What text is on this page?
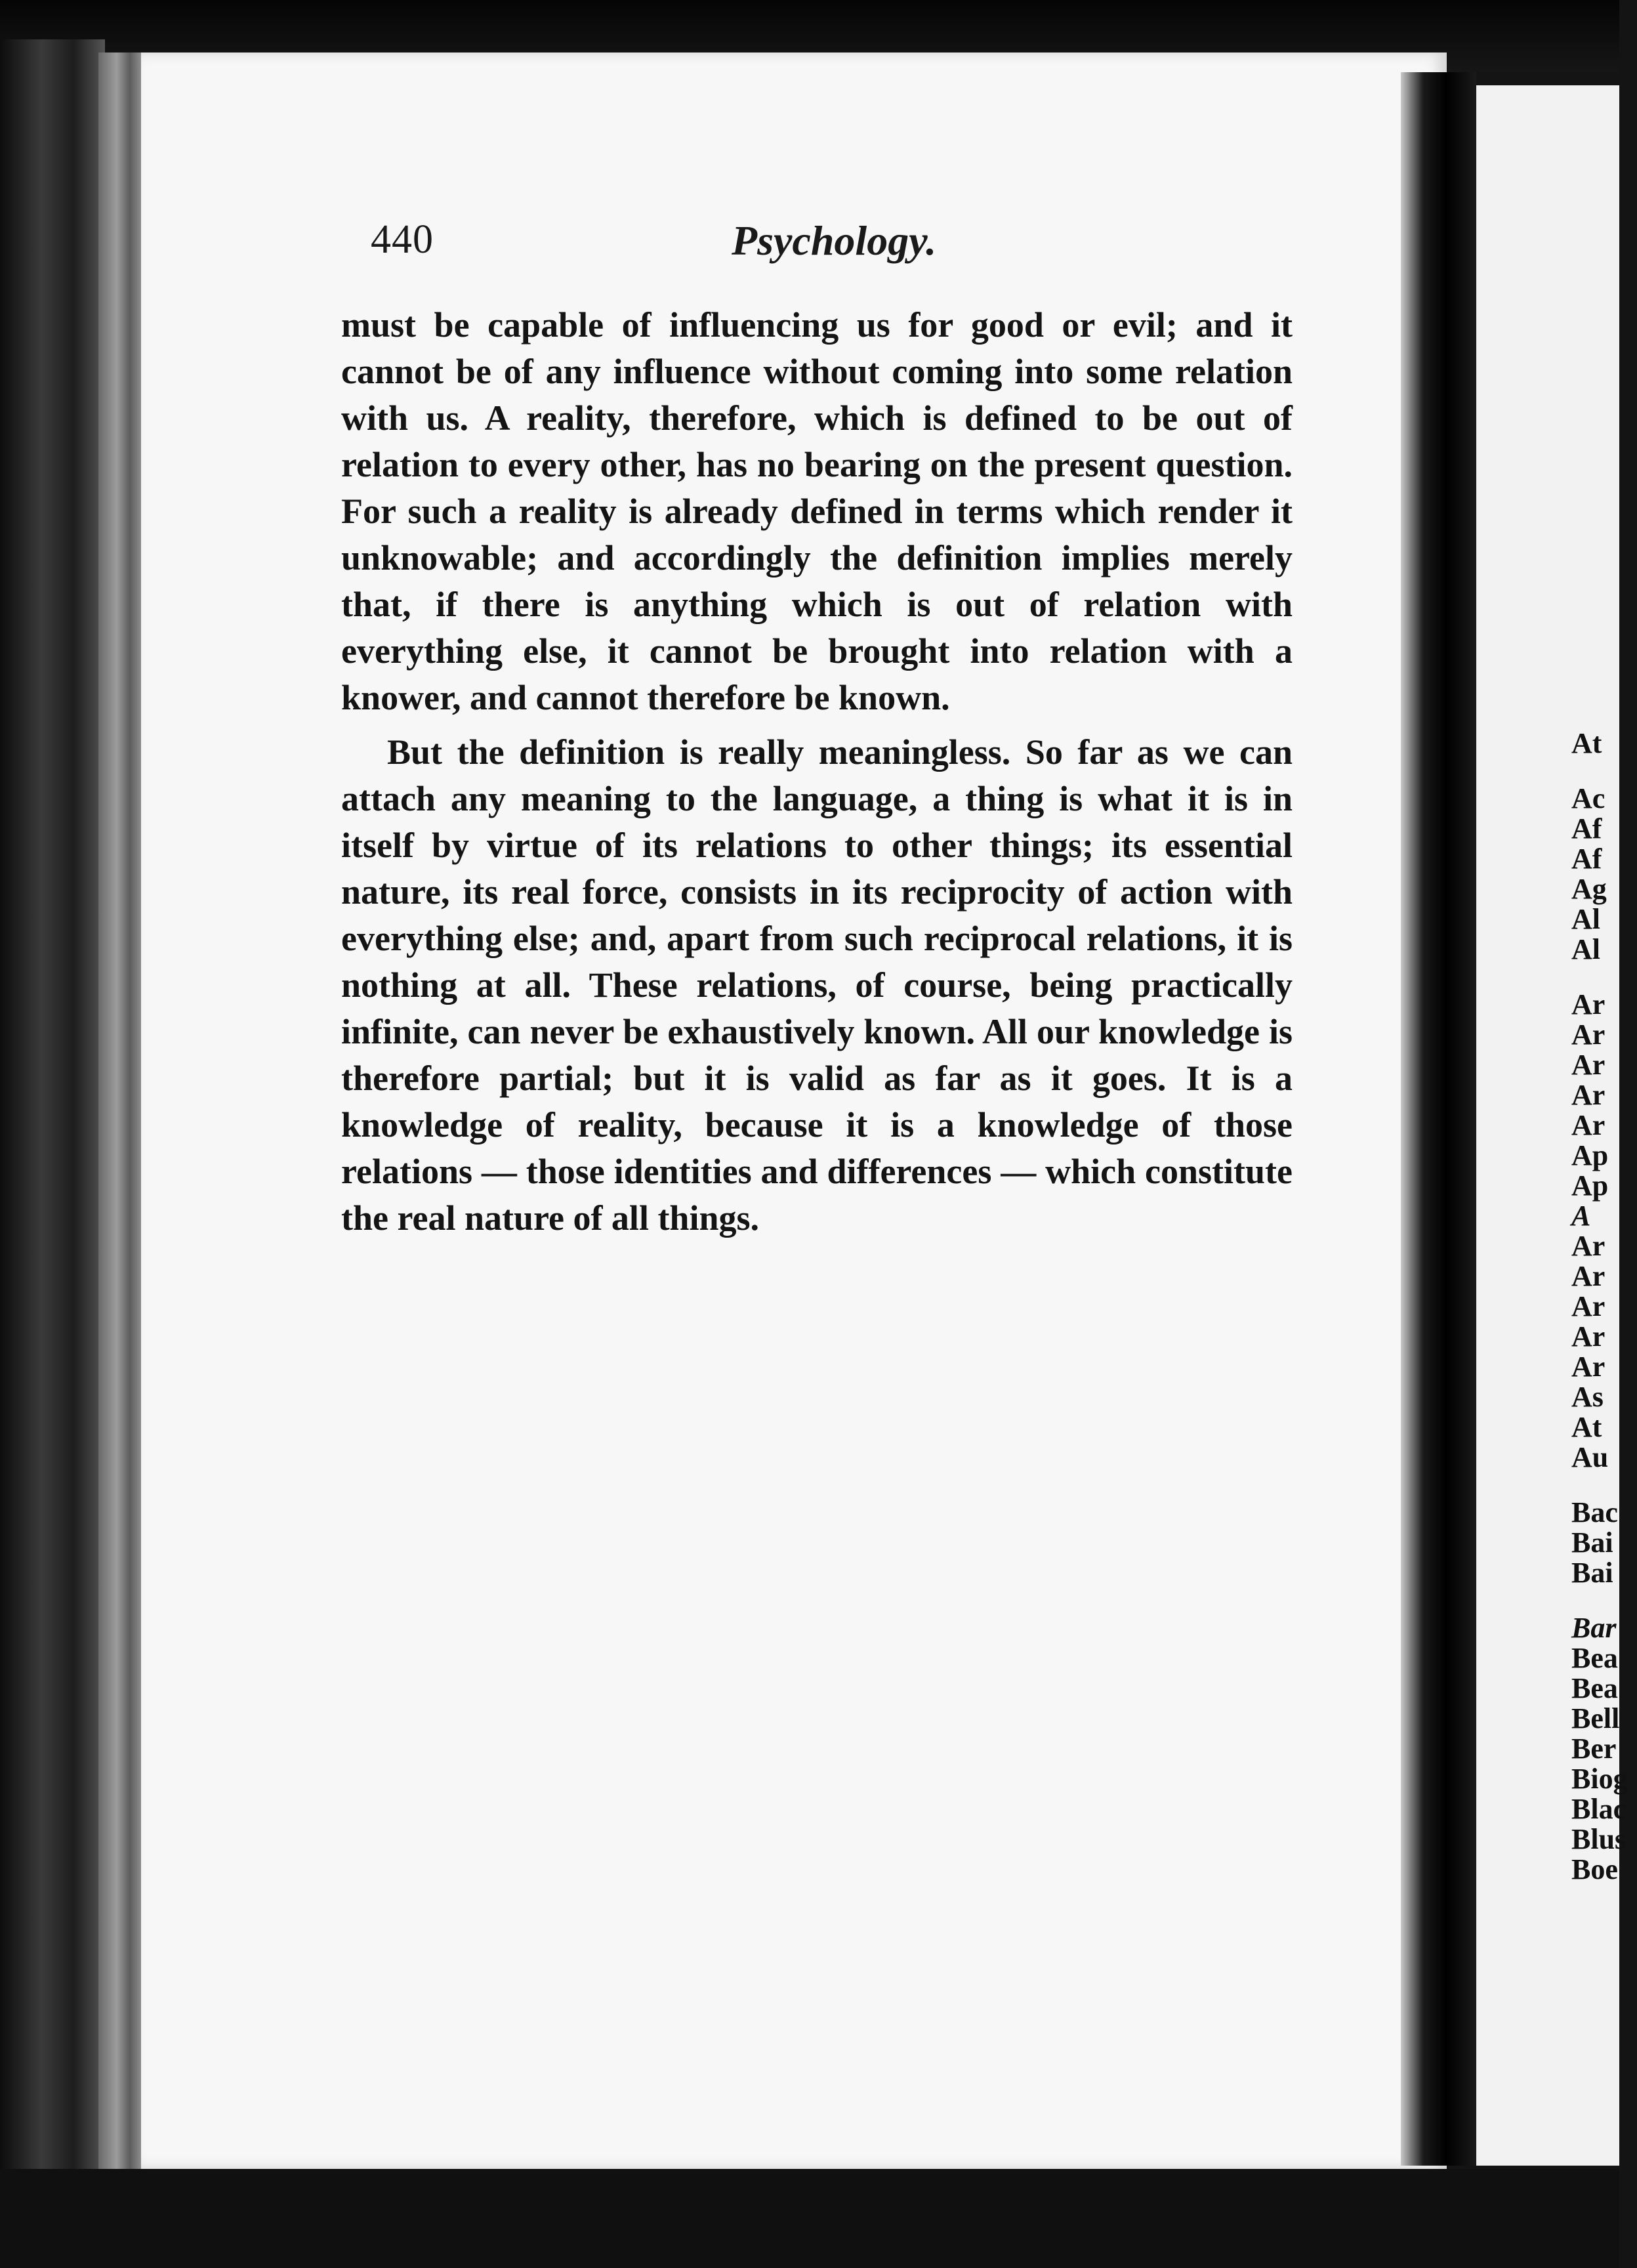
440	Psychology.

must be capable of influencing us for good or evil; and it cannot be of any influence without coming into some relation with us. A reality, therefore, which is defined to be out of relation to every other, has no bearing on the present question. For such a reality is already defined in terms which render it unknowable; and accordingly the definition implies merely that, if there is anything which is out of relation with everything else, it cannot be brought into relation with a knower, and cannot therefore be known.

But the definition is really meaningless. So far as we can attach any meaning to the language, a thing is what it is in itself by virtue of its relations to other things; its essential nature, its real force, consists in its reciprocity of action with everything else; and, apart from such reciprocal relations, it is nothing at all. These relations, of course, being practically infinite, can never be exhaustively known. All our knowledge is therefore partial; but it is valid as far as it goes. It is a knowledge of reality, because it is a knowledge of those relations — those identities and differences — which constitute the real nature of all things.

At
Ac
Af
Af
Ag
Al
Al
Ar
Ar
Ar
Ar
Ar
Ap
Ap
A
Ar
Ar
Ar
Ar
Ar
As
At
Au
Bac
Bai
Bai
Bar
Bea
Bea
Bell
Ber
Biog
Blac
Blus
Boe
